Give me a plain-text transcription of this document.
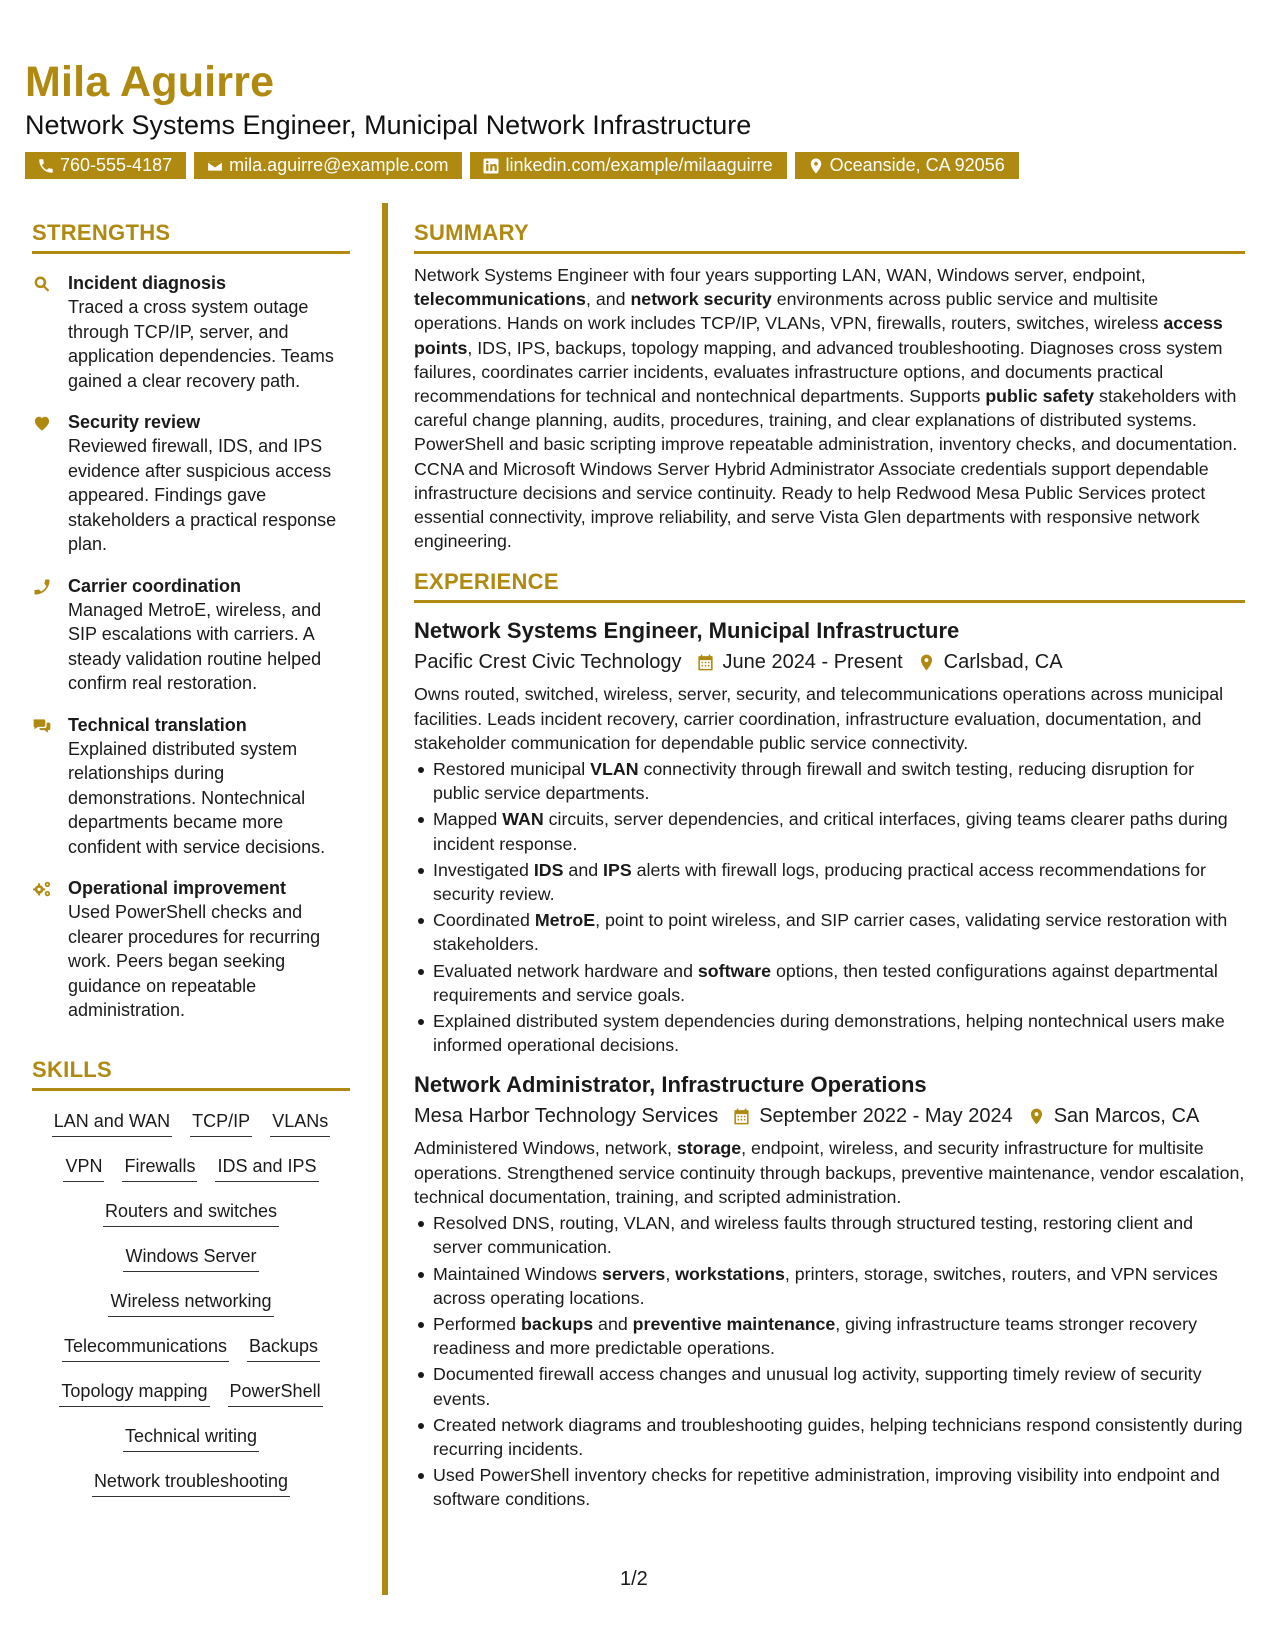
Mila Aguirre
Network Systems Engineer, Municipal Network Infrastructure
760-555-4187	mila.aguirre@example.com	linkedin.com/example/milaaguirre	Oceanside, CA 92056
STRENGTHS
Incident diagnosis
Traced a cross system outage through TCP/IP, server, and application dependencies. Teams gained a clear recovery path.
Security review
Reviewed firewall, IDS, and IPS evidence after suspicious access appeared. Findings gave stakeholders a practical response plan.
Carrier coordination
Managed MetroE, wireless, and SIP escalations with carriers. A steady validation routine helped confirm real restoration.
Technical translation
Explained distributed system relationships during demonstrations. Nontechnical departments became more confident with service decisions.
Operational improvement
Used PowerShell checks and clearer procedures for recurring work. Peers began seeking guidance on repeatable administration.
SKILLS
LAN and WAN TCP/IP VLANs
VPN Firewalls IDS and IPS
Routers and switches
Windows Server
Wireless networking
Telecommunications Backups
Topology mapping PowerShell
Technical writing
Network troubleshooting
SUMMARY
Network Systems Engineer with four years supporting LAN, WAN, Windows server, endpoint, telecommunications, and network security environments across public service and multisite operations. Hands on work includes TCP/IP, VLANs, VPN, firewalls, routers, switches, wireless access points, IDS, IPS, backups, topology mapping, and advanced troubleshooting. Diagnoses cross system failures, coordinates carrier incidents, evaluates infrastructure options, and documents practical recommendations for technical and nontechnical departments. Supports public safety stakeholders with careful change planning, audits, procedures, training, and clear explanations of distributed systems. PowerShell and basic scripting improve repeatable administration, inventory checks, and documentation. CCNA and Microsoft Windows Server Hybrid Administrator Associate credentials support dependable infrastructure decisions and service continuity. Ready to help Redwood Mesa Public Services protect essential connectivity, improve reliability, and serve Vista Glen departments with responsive network engineering.
EXPERIENCE
Network Systems Engineer, Municipal Infrastructure
Pacific Crest Civic Technology June 2024 - Present Carlsbad, CA
Owns routed, switched, wireless, server, security, and telecommunications operations across municipal facilities. Leads incident recovery, carrier coordination, infrastructure evaluation, documentation, and stakeholder communication for dependable public service connectivity.
Restored municipal VLAN connectivity through firewall and switch testing, reducing disruption for public service departments.
Mapped WAN circuits, server dependencies, and critical interfaces, giving teams clearer paths during incident response.
Investigated IDS and IPS alerts with firewall logs, producing practical access recommendations for security review.
Coordinated MetroE, point to point wireless, and SIP carrier cases, validating service restoration with stakeholders.
Evaluated network hardware and software options, then tested configurations against departmental requirements and service goals.
Explained distributed system dependencies during demonstrations, helping nontechnical users make informed operational decisions.
Network Administrator, Infrastructure Operations
Mesa Harbor Technology Services September 2022 - May 2024 San Marcos, CA
Administered Windows, network, storage, endpoint, wireless, and security infrastructure for multisite operations. Strengthened service continuity through backups, preventive maintenance, vendor escalation, technical documentation, training, and scripted administration.
Resolved DNS, routing, VLAN, and wireless faults through structured testing, restoring client and server communication.
Maintained Windows servers, workstations, printers, storage, switches, routers, and VPN services across operating locations.
Performed backups and preventive maintenance, giving infrastructure teams stronger recovery readiness and more predictable operations.
Documented firewall access changes and unusual log activity, supporting timely review of security events.
Created network diagrams and troubleshooting guides, helping technicians respond consistently during recurring incidents.
Used PowerShell inventory checks for repetitive administration, improving visibility into endpoint and software conditions.
1/2
